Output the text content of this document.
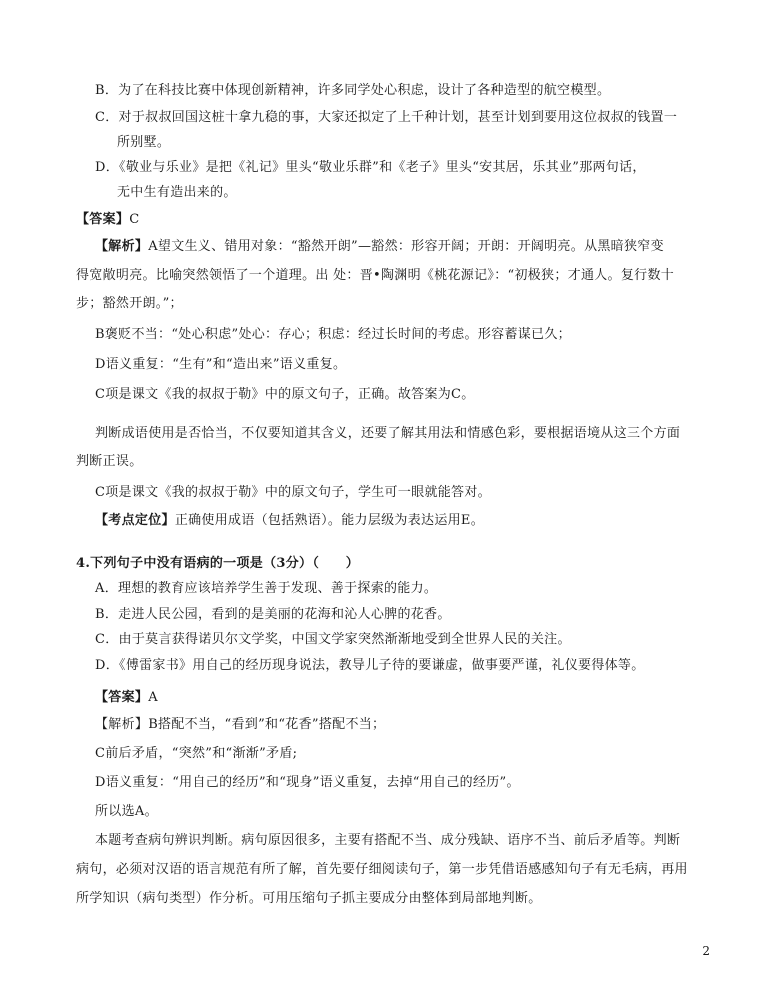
B．为了在科技比赛中体现创新精神，许多同学处心积虑，设计了各种造型的航空模型。
C．对于叔叔回国这桩十拿九稳的事，大家还拟定了上千种计划，甚至计划到要用这位叔叔的钱置一
所别墅。
D．《敬业与乐业》是把《礼记》里头“敬业乐群”和《老子》里头“安其居，乐其业”那两句话，
无中生有造出来的。
【答案】C
【解析】A望文生义、错用对象：“豁然开朗”—豁然：形容开阔；开朗：开阔明亮。从黑暗狭窄变
得宽敞明亮。比喻突然领悟了一个道理。出 处：晋•陶渊明《桃花源记》：“初极狭；才通人。复行数十
步；豁然开朗。”；
B褒贬不当：“处心积虑”处心：存心；积虑：经过长时间的考虑。形容蓄谋已久；
D语义重复：“生有”和“造出来”语义重复。
C项是课文《我的叔叔于勒》中的原文句子，正确。故答案为C。
判断成语使用是否恰当，不仅要知道其含义，还要了解其用法和情感色彩，要根据语境从这三个方面
判断正误。
C项是课文《我的叔叔于勒》中的原文句子，学生可一眼就能答对。
【考点定位】正确使用成语（包括熟语）。能力层级为表达运用E。
4.下列句子中没有语病的一项是（3分）（　　）
A．理想的教育应该培养学生善于发现、善于探索的能力。
B．走进人民公园，看到的是美丽的花海和沁人心脾的花香。
C．由于莫言获得诺贝尔文学奖，中国文学家突然渐渐地受到全世界人民的关注。
D．《傅雷家书》用自己的经历现身说法，教导儿子待的要谦虚，做事要严谨，礼仪要得体等。
【答案】A
【解析】B搭配不当，“看到”和“花香”搭配不当；
C前后矛盾，“突然”和“渐渐”矛盾;
D语义重复：“用自己的经历”和“现身”语义重复，去掉“用自己的经历”。
所以选A。
本题考查病句辨识判断。病句原因很多，主要有搭配不当、成分残缺、语序不当、前后矛盾等。判断
病句，必须对汉语的语言规范有所了解，首先要仔细阅读句子，第一步凭借语感感知句子有无毛病，再用
所学知识（病句类型）作分析。可用压缩句子抓主要成分由整体到局部地判断。
2
